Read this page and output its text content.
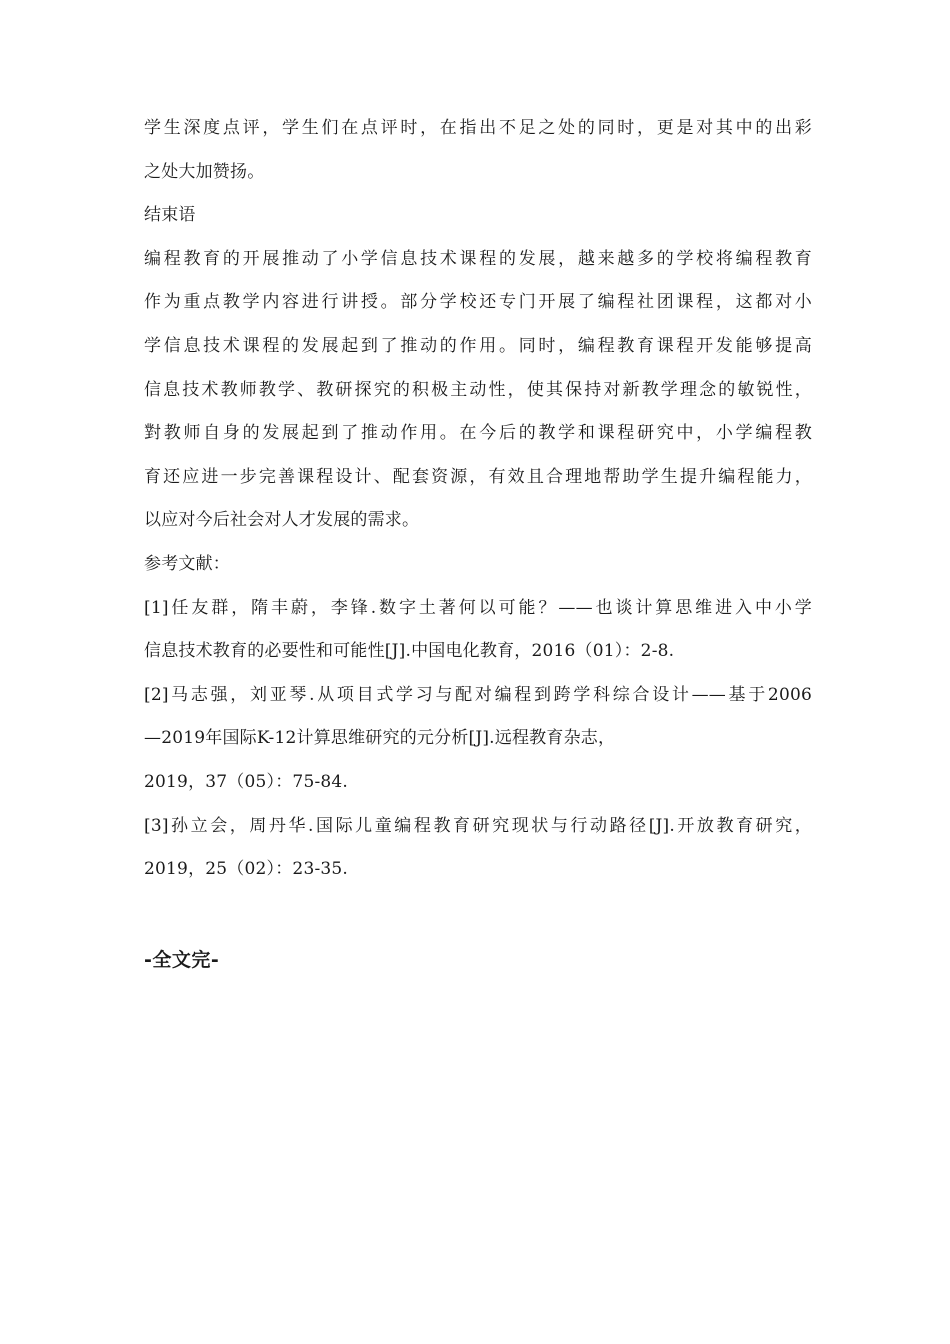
学生深度点评，学生们在点评时，在指出不足之处的同时，更是对其中的出彩
之处大加赞扬。
结束语
编程教育的开展推动了小学信息技术课程的发展，越来越多的学校将编程教育
作为重点教学内容进行讲授。部分学校还专门开展了编程社团课程，这都对小
学信息技术课程的发展起到了推动的作用。同时，编程教育课程开发能够提高
信息技术教师教学、教研探究的积极主动性，使其保持对新教学理念的敏锐性，
對教师自身的发展起到了推动作用。在今后的教学和课程研究中，小学编程教
育还应进一步完善课程设计、配套资源，有效且合理地帮助学生提升编程能力，
以应对今后社会对人才发展的需求。
参考文献：
[1]任友群，隋丰蔚，李锋.数字土著何以可能？——也谈计算思维进入中小学
信息技术教育的必要性和可能性[J].中国电化教育，2016（01）：2-8.
[2]马志强，刘亚琴.从项目式学习与配对编程到跨学科综合设计——基于2006
—2019年国际K-12计算思维研究的元分析[J].远程教育杂志，
2019，37（05）：75-84.
[3]孙立会，周丹华.国际儿童编程教育研究现状与行动路径[J].开放教育研究，
2019，25（02）：23-35.
-全文完-
